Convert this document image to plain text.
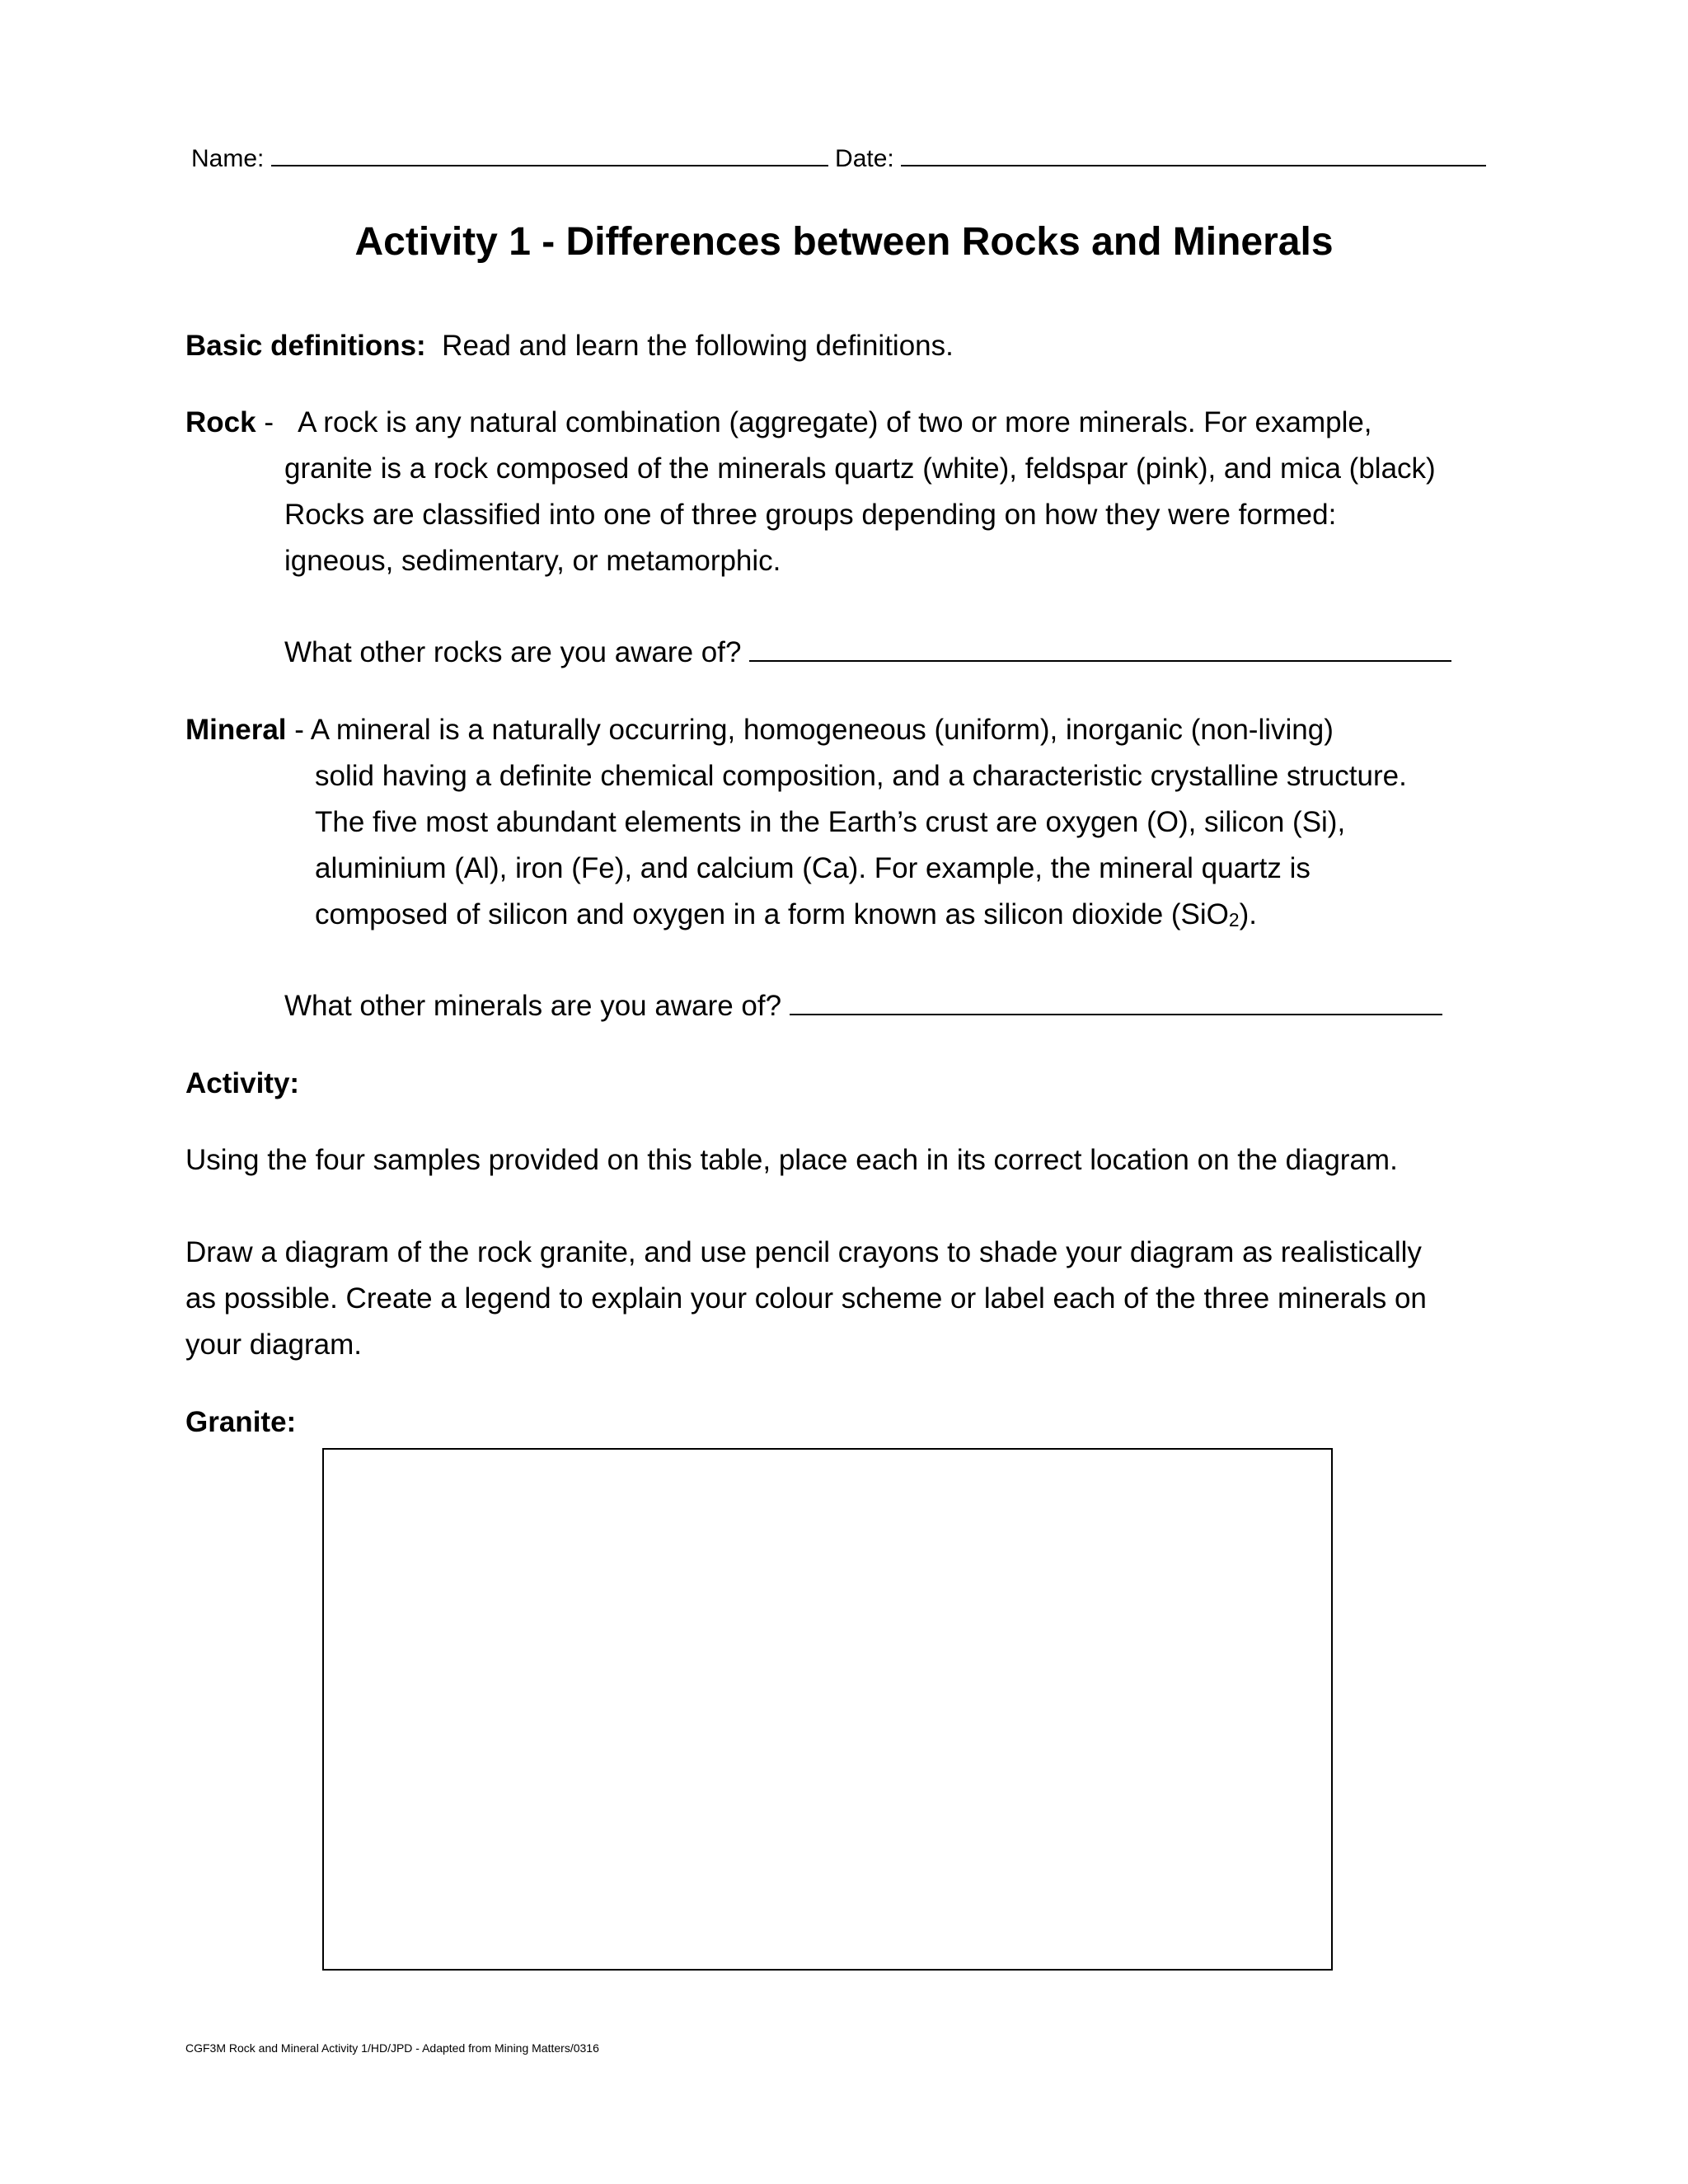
Name:	Date:
Activity 1 - Differences between Rocks and Minerals
Basic definitions: Read and learn the following definitions.
Rock - A rock is any natural combination (aggregate) of two or more minerals. For example,
granite is a rock composed of the minerals quartz (white), feldspar (pink), and mica (black)
Rocks are classified into one of three groups depending on how they were formed:
igneous, sedimentary, or metamorphic.
What other rocks are you aware of?
Mineral - A mineral is a naturally occurring, homogeneous (uniform), inorganic (non-living)
solid having a definite chemical composition, and a characteristic crystalline structure.
The five most abundant elements in the Earth’s crust are oxygen (O), silicon (Si),
aluminium (Al), iron (Fe), and calcium (Ca). For example, the mineral quartz is
composed of silicon and oxygen in a form known as silicon dioxide (SiO$_2$).
What other minerals are you aware of?
Activity:
Using the four samples provided on this table, place each in its correct location on the diagram.
Draw a diagram of the rock granite, and use pencil crayons to shade your diagram as realistically
as possible. Create a legend to explain your colour scheme or label each of the three minerals on
your diagram.
Granite:
CGF3M Rock and Mineral Activity 1/HD/JPD - Adapted from Mining Matters/0316
